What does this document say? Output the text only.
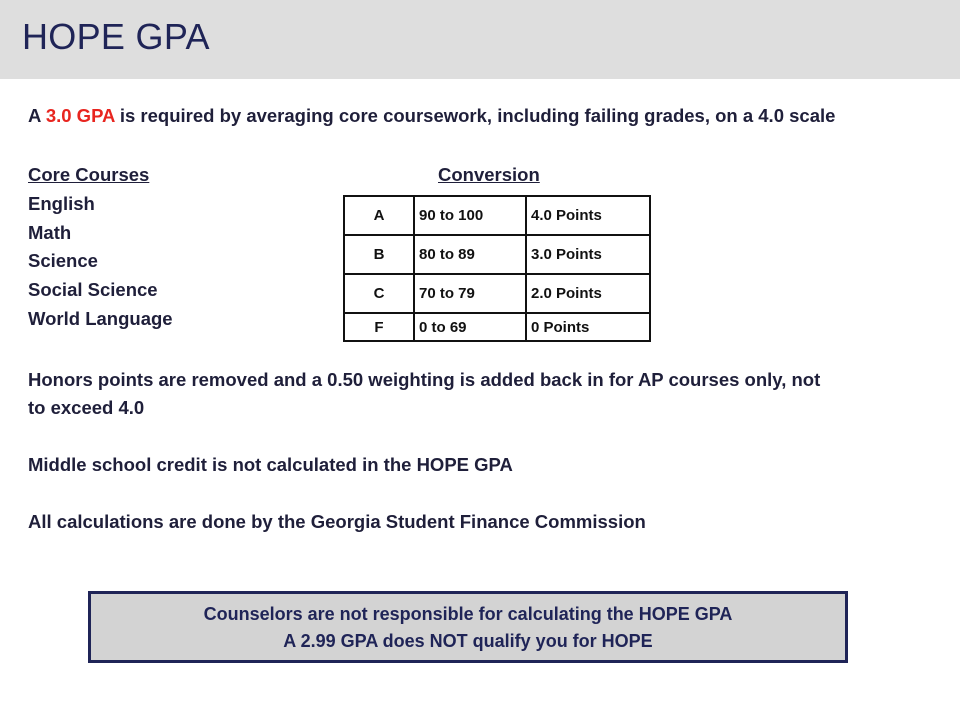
HOPE GPA

A 3.0 GPA is required by averaging core coursework, including failing grades, on a 4.0 scale

Core Courses

English

Math

Science

Social Science

World Language

Conversion
A	90 to 100	4.0 Points
B	80 to 89	3.0 Points
C	70 to 79	2.0 Points
F	0 to 69	0 Points

Honors points are removed and a 0.50 weighting is added back in for AP courses only, not

to exceed 4.0

Middle school credit is not calculated in the HOPE GPA

All calculations are done by the Georgia Student Finance Commission

Counselors are not responsible for calculating the HOPE GPA
A 2.99 GPA does NOT qualify you for HOPE
